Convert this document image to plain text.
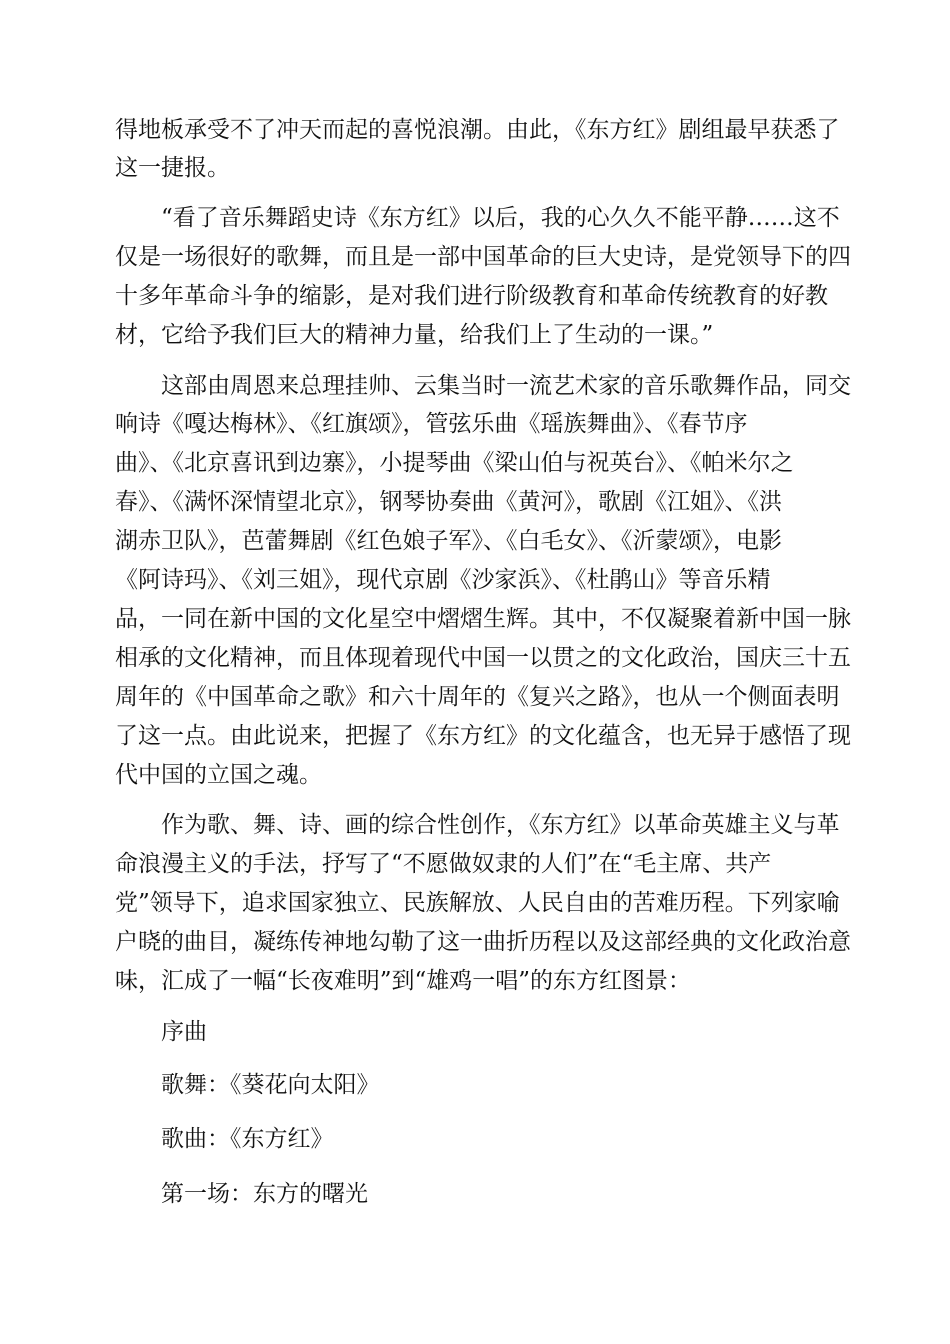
得地板承受不了冲天而起的喜悦浪潮。由此，《东方红》剧组最早获悉了
这一捷报。
“看了音乐舞蹈史诗《东方红》以后，我的心久久不能平静……这不
仅是一场很好的歌舞，而且是一部中国革命的巨大史诗，是党领导下的四
十多年革命斗争的缩影，是对我们进行阶级教育和革命传统教育的好教
材，它给予我们巨大的精神力量，给我们上了生动的一课。”
这部由周恩来总理挂帅、云集当时一流艺术家的音乐歌舞作品，同交
响诗《嘎达梅林》、《红旗颂》，管弦乐曲《瑶族舞曲》、《春节序
曲》、《北京喜讯到边寨》，小提琴曲《梁山伯与祝英台》、《帕米尔之
春》、《满怀深情望北京》，钢琴协奏曲《黄河》，歌剧《江姐》、《洪
湖赤卫队》，芭蕾舞剧《红色娘子军》、《白毛女》、《沂蒙颂》，电影
《阿诗玛》、《刘三姐》，现代京剧《沙家浜》、《杜鹃山》等音乐精
品，一同在新中国的文化星空中熠熠生辉。其中，不仅凝聚着新中国一脉
相承的文化精神，而且体现着现代中国一以贯之的文化政治，国庆三十五
周年的《中国革命之歌》和六十周年的《复兴之路》，也从一个侧面表明
了这一点。由此说来，把握了《东方红》的文化蕴含，也无异于感悟了现
代中国的立国之魂。
作为歌、舞、诗、画的综合性创作，《东方红》以革命英雄主义与革
命浪漫主义的手法，抒写了“不愿做奴隶的人们”在“毛主席、共产
党”领导下，追求国家独立、民族解放、人民自由的苦难历程。下列家喻
户晓的曲目，凝练传神地勾勒了这一曲折历程以及这部经典的文化政治意
味，汇成了一幅“长夜难明”到“雄鸡一唱”的东方红图景：
序曲
歌舞：《葵花向太阳》
歌曲：《东方红》
第一场：东方的曙光
